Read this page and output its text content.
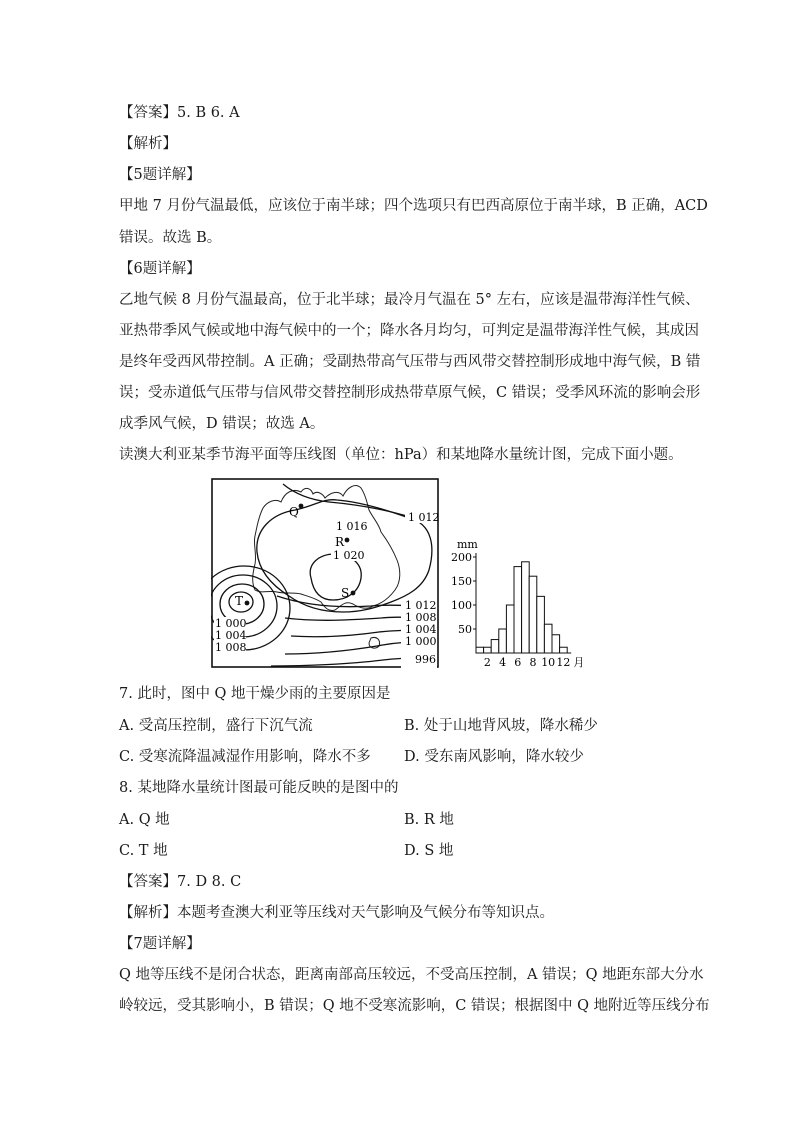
【答案】5. B 6. A
【解析】
【5题详解】
甲地 7 月份气温最低，应该位于南半球；四个选项只有巴西高原位于南半球，B 正确，ACD
错误。故选 B。
【6题详解】
乙地气候 8 月份气温最高，位于北半球；最冷月气温在 5° 左右，应该是温带海洋性气候、
亚热带季风气候或地中海气候中的一个；降水各月均匀，可判定是温带海洋性气候，其成因
是终年受西风带控制。A 正确；受副热带高气压带与西风带交替控制形成地中海气候，B 错
误；受赤道低气压带与信风带交替控制形成热带草原气候，C 错误；受季风环流的影响会形
成季风气候，D 错误；故选 A。
读澳大利亚某季节海平面等压线图（单位：hPa）和某地降水量统计图，完成下面小题。
Q
R
S
T
1 012
1 016
1 020
1 012
1 008
1 004
1 000
996
1 000
1 004
1 008
mm
200
150
100
50
2 4 6 8 10 12 月
7. 此时，图中 Q 地干燥少雨的主要原因是
A. 受高压控制，盛行下沉气流	B. 处于山地背风坡，降水稀少
C. 受寒流降温减湿作用影响，降水不多 D. 受东南风影响，降水较少
8. 某地降水量统计图最可能反映的是图中的
A. Q 地	B. R 地
C. T 地	D. S 地
【答案】7. D 8. C
【解析】本题考查澳大利亚等压线对天气影响及气候分布等知识点。
【7题详解】
Q 地等压线不是闭合状态，距离南部高压较远，不受高压控制，A 错误；Q 地距东部大分水
岭较远，受其影响小，B 错误；Q 地不受寒流影响，C 错误；根据图中 Q 地附近等压线分布
